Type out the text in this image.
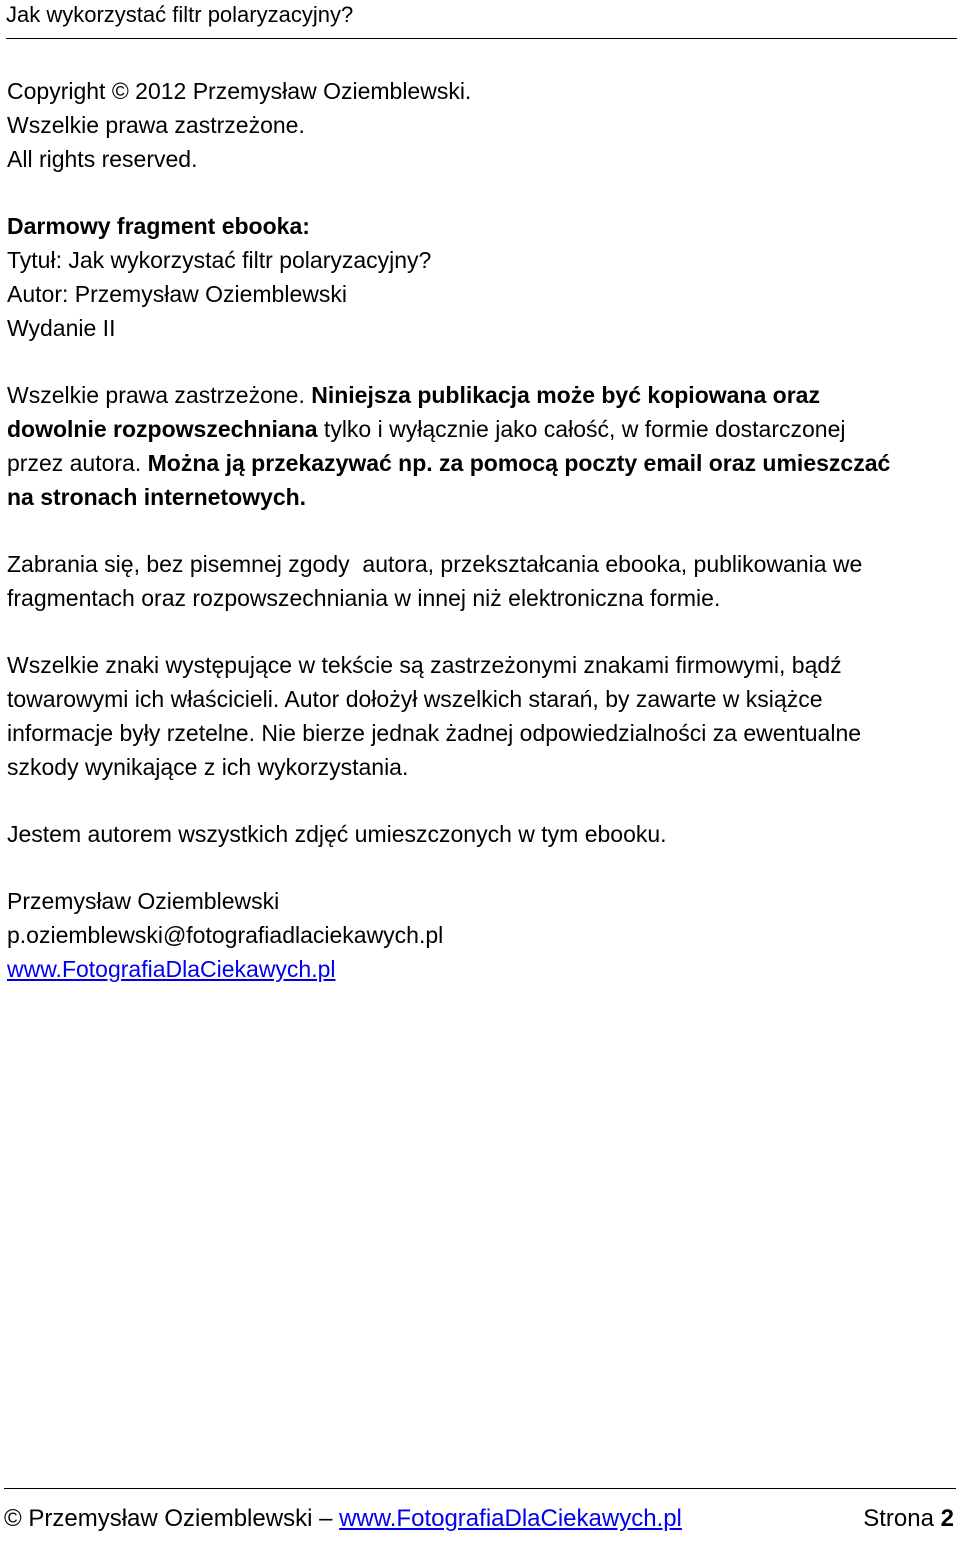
Jak wykorzystać filtr polaryzacyjny?

Copyright © 2012 Przemysław Oziemblewski.
Wszelkie prawa zastrzeżone.
All rights reserved.

Darmowy fragment ebooka:
Tytuł: Jak wykorzystać filtr polaryzacyjny?
Autor: Przemysław Oziemblewski
Wydanie II

Wszelkie prawa zastrzeżone. Niniejsza publikacja może być kopiowana oraz
dowolnie rozpowszechniana tylko i wyłącznie jako całość, w formie dostarczonej
przez autora. Można ją przekazywać np. za pomocą poczty email oraz umieszczać
na stronach internetowych.

Zabrania się, bez pisemnej zgody  autora, przekształcania ebooka, publikowania we
fragmentach oraz rozpowszechniania w innej niż elektroniczna formie.

Wszelkie znaki występujące w tekście są zastrzeżonymi znakami firmowymi, bądź
towarowymi ich właścicieli. Autor dołożył wszelkich starań, by zawarte w książce
informacje były rzetelne. Nie bierze jednak żadnej odpowiedzialności za ewentualne
szkody wynikające z ich wykorzystania.

Jestem autorem wszystkich zdjęć umieszczonych w tym ebooku.

Przemysław Oziemblewski
p.oziemblewski@fotografiadlaciekawych.pl
www.FotografiaDlaCiekawych.pl

© Przemysław Oziemblewski – www.FotografiaDlaCiekawych.pl	Strona 2
